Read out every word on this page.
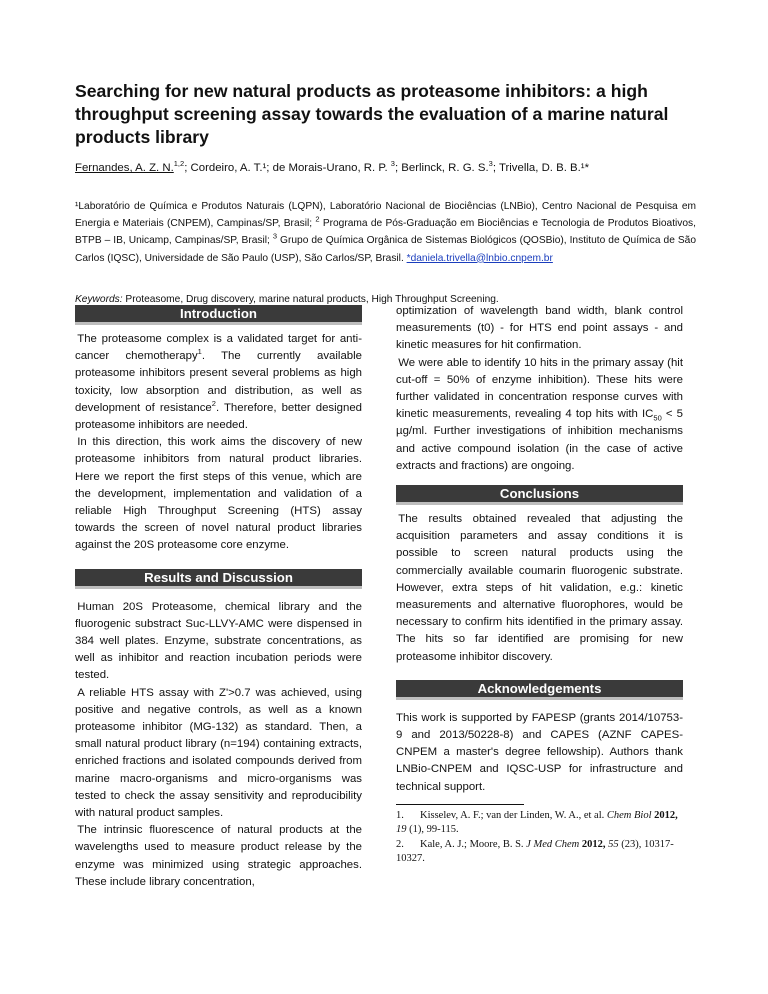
Searching for new natural products as proteasome inhibitors: a high throughput screening assay towards the evaluation of a marine natural products library
Fernandes, A. Z. N.$^{1,2}$; Cordeiro, A. T.¹; de Morais-Urano, R. P. $^3$; Berlinck, R. G. S.$^3$; Trivella, D. B. B.¹*
¹Laboratório de Química e Produtos Naturais (LQPN), Laboratório Nacional de Biociências (LNBio), Centro Nacional de Pesquisa em Energia e Materiais (CNPEM), Campinas/SP, Brasil; $^2$ Programa de Pós-Graduação em Biociências e Tecnologia de Produtos Bioativos, BTPB – IB, Unicamp, Campinas/SP, Brasil; $^3$ Grupo de Química Orgânica de Sistemas Biológicos (QOSBio), Instituto de Química de São Carlos (IQSC), Universidade de São Paulo (USP), São Carlos/SP, Brasil. *daniela.trivella@lnbio.cnpem.br
Keywords: Proteasome, Drug discovery, marine natural products, High Throughput Screening.
Introduction

The proteasome complex is a validated target for anti-cancer chemotherapy$^1$. The currently available proteasome inhibitors present several problems as high toxicity, low absorption and distribution, as well as development of resistance$^2$. Therefore, better designed proteasome inhibitors are needed.

In this direction, this work aims the discovery of new proteasome inhibitors from natural product libraries. Here we report the first steps of this venue, which are the development, implementation and validation of a reliable High Throughput Screening (HTS) assay towards the screen of novel natural product libraries against the 20S proteasome core enzyme.

Results and Discussion

Human 20S Proteasome, chemical library and the fluorogenic substract Suc-LLVY-AMC were dispensed in 384 well plates. Enzyme, substrate concentrations, as well as inhibitor and reaction incubation periods were tested.

A reliable HTS assay with Z'>0.7 was achieved, using positive and negative controls, as well as a known proteasome inhibitor (MG-132) as standard. Then, a small natural product library (n=194) containing extracts, enriched fractions and isolated compounds derived from marine macro-organisms and micro-organisms was tested to check the assay sensitivity and reproducibility with natural product samples.

The intrinsic fluorescence of natural products at the wavelengths used to measure product release by the enzyme was minimized using strategic approaches. These include library concentration,

optimization of wavelength band width, blank control measurements (t0) - for HTS end point assays - and kinetic measures for hit confirmation.

We were able to identify 10 hits in the primary assay (hit cut-off = 50% of enzyme inhibition). These hits were further validated in concentration response curves with kinetic measurements, revealing 4 top hits with $IC_{50} < 5$ µg/ml. Further investigations of inhibition mechanisms and active compound isolation (in the case of active extracts and fractions) are ongoing.

Conclusions

The results obtained revealed that adjusting the acquisition parameters and assay conditions it is possible to screen natural products using the commercially available coumarin fluorogenic substrate. However, extra steps of hit validation, e.g.: kinetic measurements and alternative fluorophores, would be necessary to confirm hits identified in the primary assay. The hits so far identified are promising for new proteasome inhibitor discovery.

Acknowledgements

This work is supported by FAPESP (grants 2014/10753-9 and 2013/50228-8) and CAPES (AZNF CAPES-CNPEM a master's degree fellowship). Authors thank LNBio-CNPEM and IQSC-USP for infrastructure and technical support.

1. Kisselev, A. F.; van der Linden, W. A., et al. Chem Biol 2012, 19 (1), 99-115.

2. Kale, A. J.; Moore, B. S. J Med Chem 2012, 55 (23), 10317-10327.
